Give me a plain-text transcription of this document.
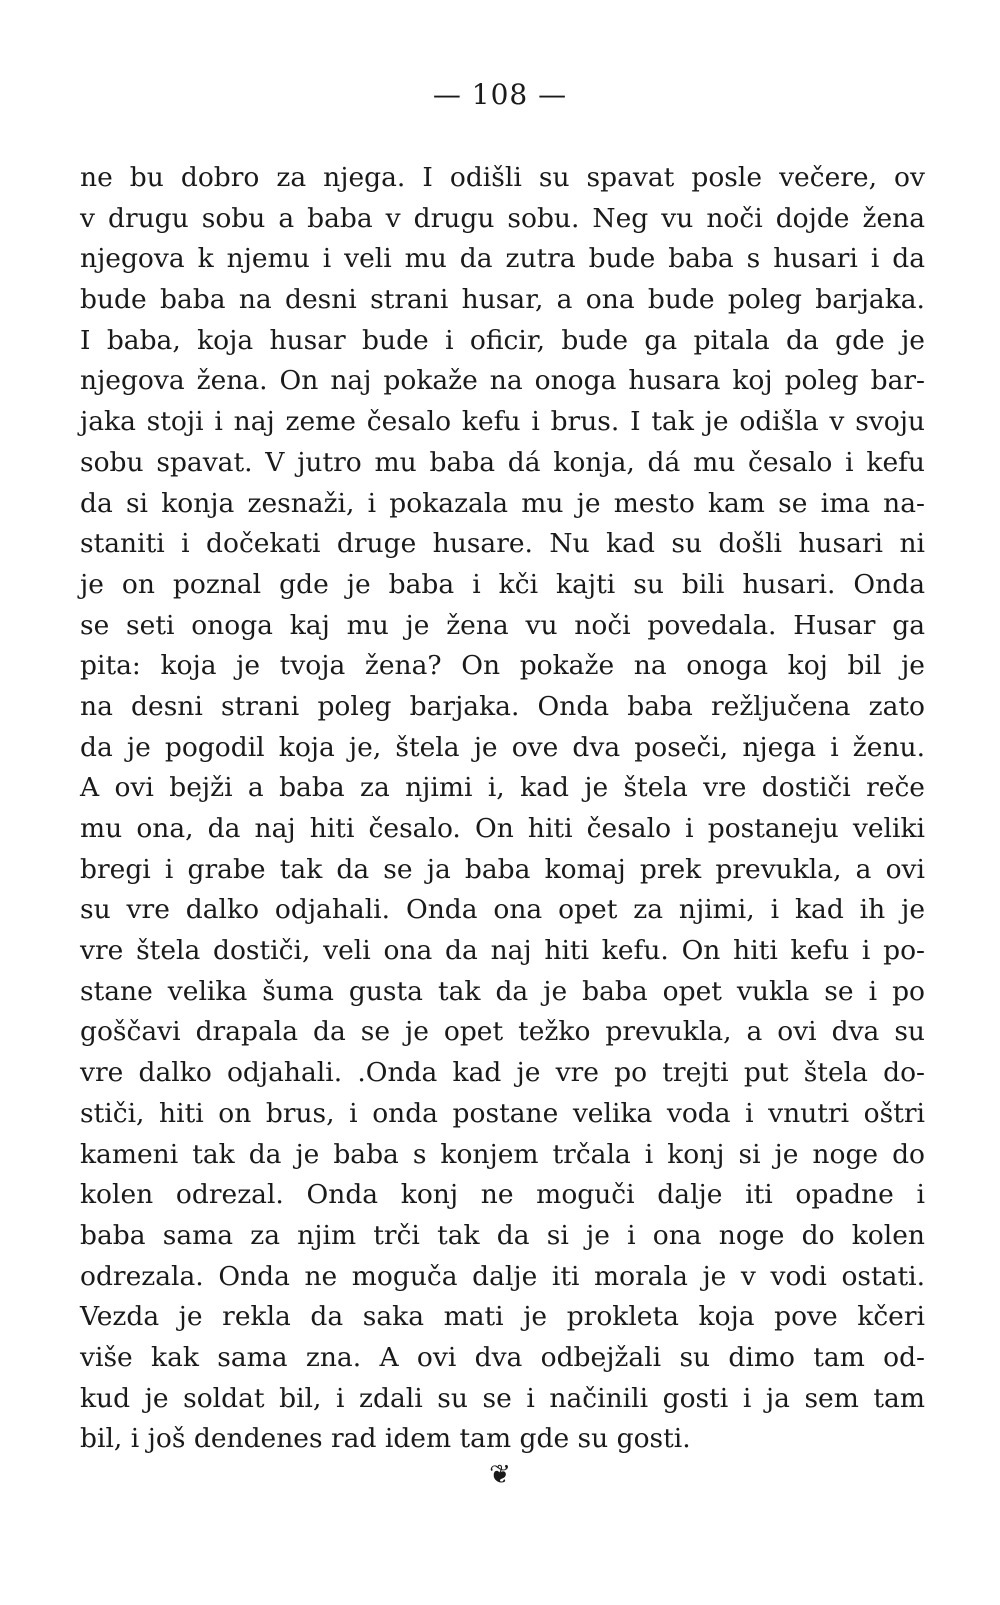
— 108 —
ne bu dobro za njega. I odišli su spavat posle večere, ov
v drugu sobu a baba v drugu sobu. Neg vu noči dojde žena
njegova k njemu i veli mu da zutra bude baba s husari i da
bude baba na desni strani husar, a ona bude poleg barjaka.
I baba, koja husar bude i oficir, bude ga pitala da gde je
njegova žena. On naj pokaže na onoga husara koj poleg bar-
jaka stoji i naj zeme česalo kefu i brus. I tak je odišla v svoju
sobu spavat. V jutro mu baba dá konja, dá mu česalo i kefu
da si konja zesnaži, i pokazala mu je mesto kam se ima na-
staniti i dočekati druge husare. Nu kad su došli husari ni
je on poznal gde je baba i kči kajti su bili husari. Onda
se seti onoga kaj mu je žena vu noči povedala. Husar ga
pita: koja je tvoja žena? On pokaže na onoga koj bil je
na desni strani poleg barjaka. Onda baba režljučena zato
da je pogodil koja je, štela je ove dva poseči, njega i ženu.
A ovi bejži a baba za njimi i, kad je štela vre dostiči reče
mu ona, da naj hiti česalo. On hiti česalo i postaneju veliki
bregi i grabe tak da se ja baba komaj prek prevukla, a ovi
su vre dalko odjahali. Onda ona opet za njimi, i kad ih je
vre štela dostiči, veli ona da naj hiti kefu. On hiti kefu i po-
stane velika šuma gusta tak da je baba opet vukla se i po
goščavi drapala da se je opet težko prevukla, a ovi dva su
vre dalko odjahali. .Onda kad je vre po trejti put štela do-
stiči, hiti on brus, i onda postane velika voda i vnutri oštri
kameni tak da je baba s konjem trčala i konj si je noge do
kolen odrezal. Onda konj ne moguči dalje iti opadne i
baba sama za njim trči tak da si je i ona noge do kolen
odrezala. Onda ne moguča dalje iti morala je v vodi ostati.
Vezda je rekla da saka mati je prokleta koja pove kčeri
više kak sama zna. A ovi dva odbejžali su dimo tam od-
kud je soldat bil, i zdali su se i načinili gosti i ja sem tam
bil, i još dendenes rad idem tam gde su gosti.
❦
